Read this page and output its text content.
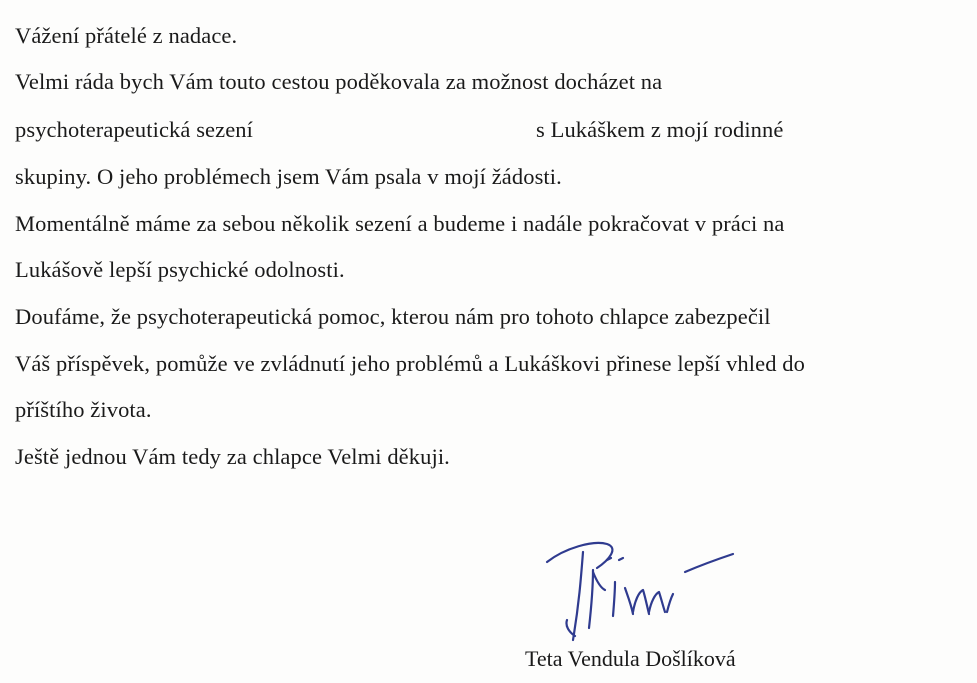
Vážení přátelé z nadace.
Velmi ráda bych Vám touto cestou poděkovala za možnost docházet na
psychoterapeutická sezení	s Lukáškem z mojí rodinné
skupiny. O jeho problémech jsem Vám psala v mojí žádosti.
Momentálně máme za sebou několik sezení a budeme i nadále pokračovat v práci na
Lukášově lepší psychické odolnosti.
Doufáme, že psychoterapeutická pomoc, kterou nám pro tohoto chlapce zabezpečil
Váš příspěvek, pomůže ve zvládnutí jeho problémů a Lukáškovi přinese lepší vhled do
příštího života.
Ještě jednou Vám tedy za chlapce Velmi děkuji.
Teta Vendula Došlíková
